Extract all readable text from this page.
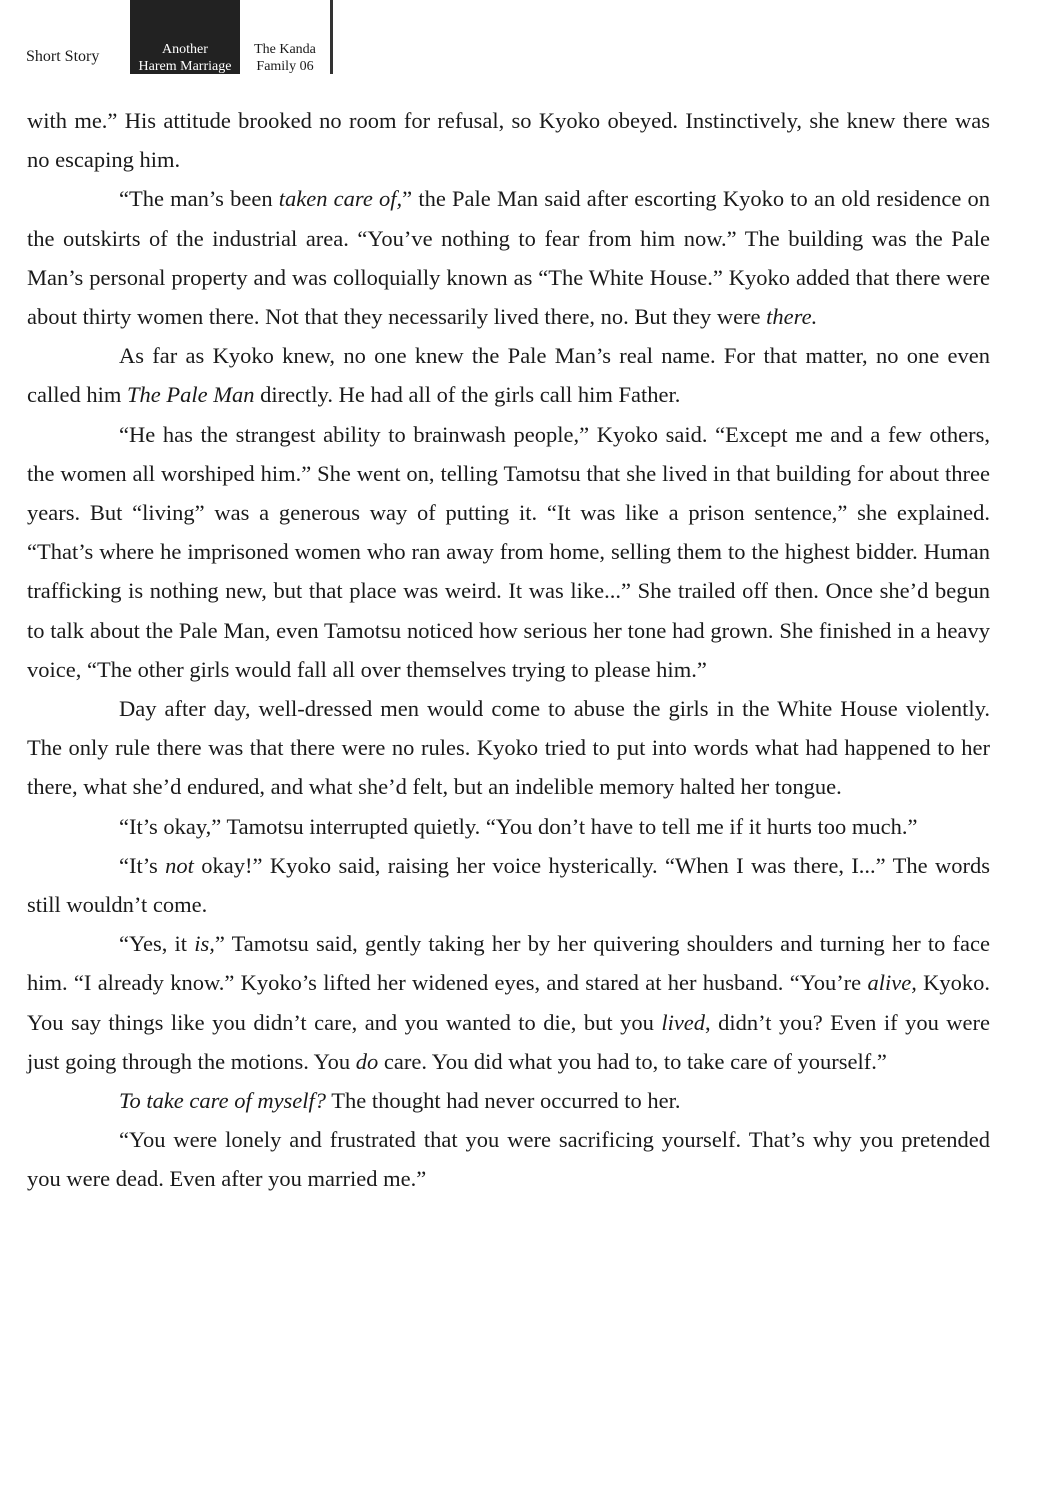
Short Story	Another
Harem Marriage
The Kanda
Family 06

with me.” His attitude brooked no room for refusal, so Kyoko obeyed. Instinctively, she knew there was no escaping him.

“The man’s been taken care of,” the Pale Man said after escorting Kyoko to an old residence on the outskirts of the industrial area. “You’ve nothing to fear from him now.” The building was the Pale Man’s personal property and was colloquially known as “The White House.” Kyoko added that there were about thirty women there. Not that they necessarily lived there, no. But they were there.

As far as Kyoko knew, no one knew the Pale Man’s real name. For that matter, no one even called him The Pale Man directly. He had all of the girls call him Father.

“He has the strangest ability to brainwash people,” Kyoko said. “Except me and a few others, the women all worshiped him.” She went on, telling Tamotsu that she lived in that building for about three years. But “living” was a generous way of putting it. “It was like a prison sentence,” she explained. “That’s where he imprisoned women who ran away from home, selling them to the highest bidder. Human trafficking is nothing new, but that place was weird. It was like...” She trailed off then. Once she’d begun to talk about the Pale Man, even Tamotsu noticed how serious her tone had grown. She finished in a heavy voice, “The other girls would fall all over themselves trying to please him.”

Day after day, well-dressed men would come to abuse the girls in the White House violently. The only rule there was that there were no rules. Kyoko tried to put into words what had happened to her there, what she’d endured, and what she’d felt, but an indelible memory halted her tongue.

“It’s okay,” Tamotsu interrupted quietly. “You don’t have to tell me if it hurts too much.”

“It’s not okay!” Kyoko said, raising her voice hysterically. “When I was there, I...” The words still wouldn’t come.

“Yes, it is,” Tamotsu said, gently taking her by her quivering shoulders and turning her to face him. “I already know.” Kyoko’s lifted her widened eyes, and stared at her husband. “You’re alive, Kyoko. You say things like you didn’t care, and you wanted to die, but you lived, didn’t you? Even if you were just going through the motions. You do care. You did what you had to, to take care of yourself.”

To take care of myself? The thought had never occurred to her.

“You were lonely and frustrated that you were sacrificing yourself. That’s why you pretended you were dead. Even after you married me.”
